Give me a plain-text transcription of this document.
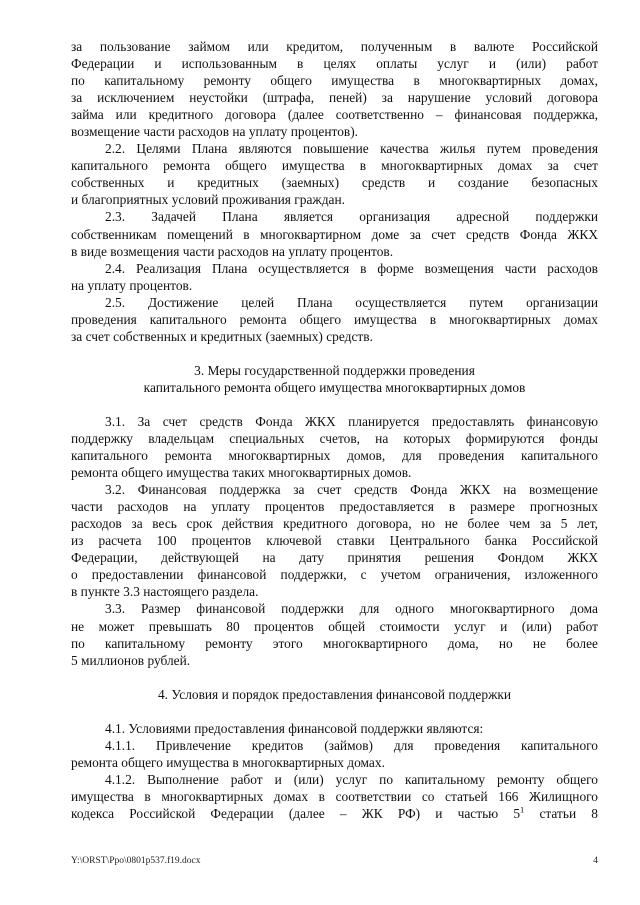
за пользование займом или кредитом, полученным в валюте Российской

Федерации и использованным в целях оплаты услуг и (или) работ

по капитальному ремонту общего имущества в многоквартирных домах,

за исключением неустойки (штрафа, пеней) за нарушение условий договора

займа или кредитного договора (далее соответственно – финансовая поддержка,

возмещение части расходов на уплату процентов).

2.2. Целями Плана являются повышение качества жилья путем проведения

капитального ремонта общего имущества в многоквартирных домах за счет

собственных и кредитных (заемных) средств и создание безопасных

и благоприятных условий проживания граждан.

2.3. Задачей Плана является организация адресной поддержки

собственникам помещений в многоквартирном доме за счет средств Фонда ЖКХ

в виде возмещения части расходов на уплату процентов.

2.4. Реализация Плана осуществляется в форме возмещения части расходов

на уплату процентов.

2.5. Достижение целей Плана осуществляется путем организации

проведения капитального ремонта общего имущества в многоквартирных домах

за счет собственных и кредитных (заемных) средств.

3. Меры государственной поддержки проведения
капитального ремонта общего имущества многоквартирных домов

3.1. За счет средств Фонда ЖКХ планируется предоставлять финансовую

поддержку владельцам специальных счетов, на которых формируются фонды

капитального ремонта многоквартирных домов, для проведения капитального

ремонта общего имущества таких многоквартирных домов.

3.2. Финансовая поддержка за счет средств Фонда ЖКХ на возмещение

части расходов на уплату процентов предоставляется в размере прогнозных

расходов за весь срок действия кредитного договора, но не более чем за 5 лет,

из расчета 100 процентов ключевой ставки Центрального банка Российской

Федерации, действующей на дату принятия решения Фондом ЖКХ

о предоставлении финансовой поддержки, с учетом ограничения, изложенного

в пункте 3.3 настоящего раздела.

3.3. Размер финансовой поддержки для одного многоквартирного дома

не может превышать 80 процентов общей стоимости услуг и (или) работ

по капитальному ремонту этого многоквартирного дома, но не более

5 миллионов рублей.

4. Условия и порядок предоставления финансовой поддержки

4.1. Условиями предоставления финансовой поддержки являются:

4.1.1. Привлечение кредитов (займов) для проведения капитального

ремонта общего имущества в многоквартирных домах.

4.1.2. Выполнение работ и (или) услуг по капитальному ремонту общего

имущества в многоквартирных домах в соответствии со статьей 166 Жилищного

кодекса Российской Федерации (далее – ЖК РФ) и частью $5^1$ статьи 8

Y:\ORST\Ppo\0801p537.f19.docx	4
